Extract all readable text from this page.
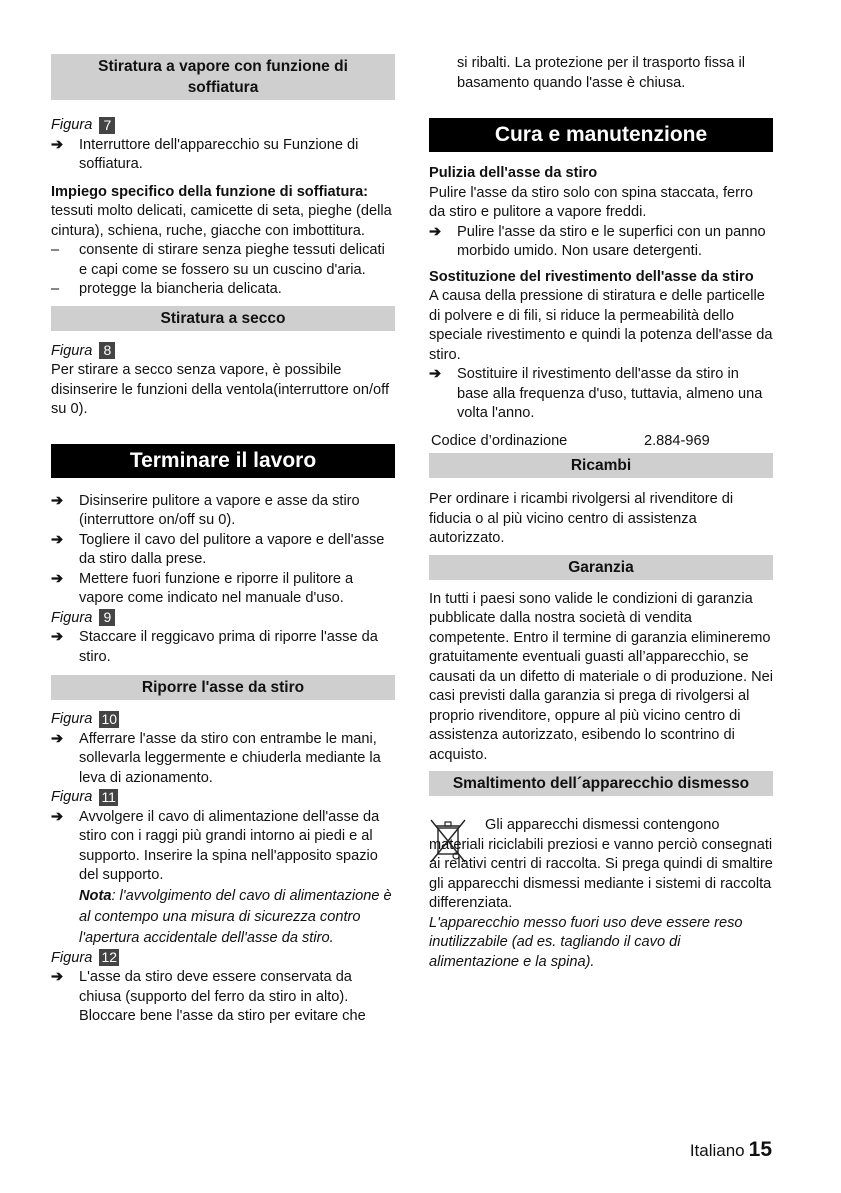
Stiratura a vapore con funzione di soffiatura

Figura 7

➔ Interruttore dell'apparecchio su Funzione di soffiatura.

Impiego specifico della funzione di soffiatura:

tessuti molto delicati, camicette di seta, pieghe (della cintura), schiena, ruche, giacche con imbottitura.

– consente di stirare senza pieghe tessuti delicati e capi come se fossero su un cuscino d'aria.
– protegge la biancheria delicata.
Stiratura a secco

Figura 8

Per stirare a secco senza vapore, è possibile disinserire le funzioni della ventola(interruttore on/off su 0).

Terminare il lavoro
➔ Disinserire pulitore a vapore e asse da stiro (interruttore on/off su 0).
➔ Togliere il cavo del pulitore a vapore e dell'asse da stiro dalla prese.
➔ Mettere fuori funzione e riporre il pulitore a vapore come indicato nel manuale d'uso.

Figura 9

➔ Staccare il reggicavo prima di riporre l'asse da stiro.
Riporre l'asse da stiro

Figura 10

➔ Afferrare l'asse da stiro con entrambe le mani, sollevarla leggermente e chiuderla mediante la leva di azionamento.

Figura 11

➔ Avvolgere il cavo di alimentazione dell'asse da stiro con i raggi più grandi intorno ai piedi e al supporto. Inserire la spina nell'apposito spazio del supporto.

Nota: l'avvolgimento del cavo di alimentazione è al contempo una misura di sicurezza contro l'apertura accidentale dell'asse da stiro.

Figura 12

➔ L'asse da stiro deve essere conservata da chiusa (supporto del ferro da stiro in alto). Bloccare bene l'asse da stiro per evitare che

si ribalti. La protezione per il trasporto fissa il basamento quando l'asse è chiusa.

Cura e manutenzione

Pulizia dell'asse da stiro

Pulire l'asse da stiro solo con spina staccata, ferro da stiro e pulitore a vapore freddi.

➔ Pulire l'asse da stiro e le superfici con un panno morbido umido. Non usare detergenti.

Sostituzione del rivestimento dell'asse da stiro

A causa della pressione di stiratura e delle particelle di polvere e di fili, si riduce la permeabilità dello speciale rivestimento e quindi la potenza dell'asse da stiro.

➔ Sostituire il rivestimento dell'asse da stiro in base alla frequenza d'uso, tuttavia, almeno una volta l'anno.
Codice d’ordinazione	2.884-969
Ricambi

Per ordinare i ricambi rivolgersi al rivenditore di fiducia o al più vicino centro di assistenza autorizzato.

Garanzia

In tutti i paesi sono valide le condizioni di garanzia pubblicate dalla nostra società di vendita competente. Entro il termine di garanzia elimineremo gratuitamente eventuali guasti all’apparecchio, se causati da un difetto di materiale o di produzione. Nei casi previsti dalla garanzia si prega di rivolgersi al proprio rivenditore, oppure al più vicino centro di assistenza autorizzato, esibendo lo scontrino di acquisto.

Smaltimento dell´apparecchio dismesso

Gli apparecchi dismessi contengono materiali riciclabili preziosi e vanno perciò consegnati ai relativi centri di raccolta. Si prega quindi di smaltire gli apparecchi dismessi mediante i sistemi di raccolta differenziata.

L'apparecchio messo fuori uso deve essere reso inutilizzabile (ad es. tagliando il cavo di alimentazione e la spina).

Italiano 15
